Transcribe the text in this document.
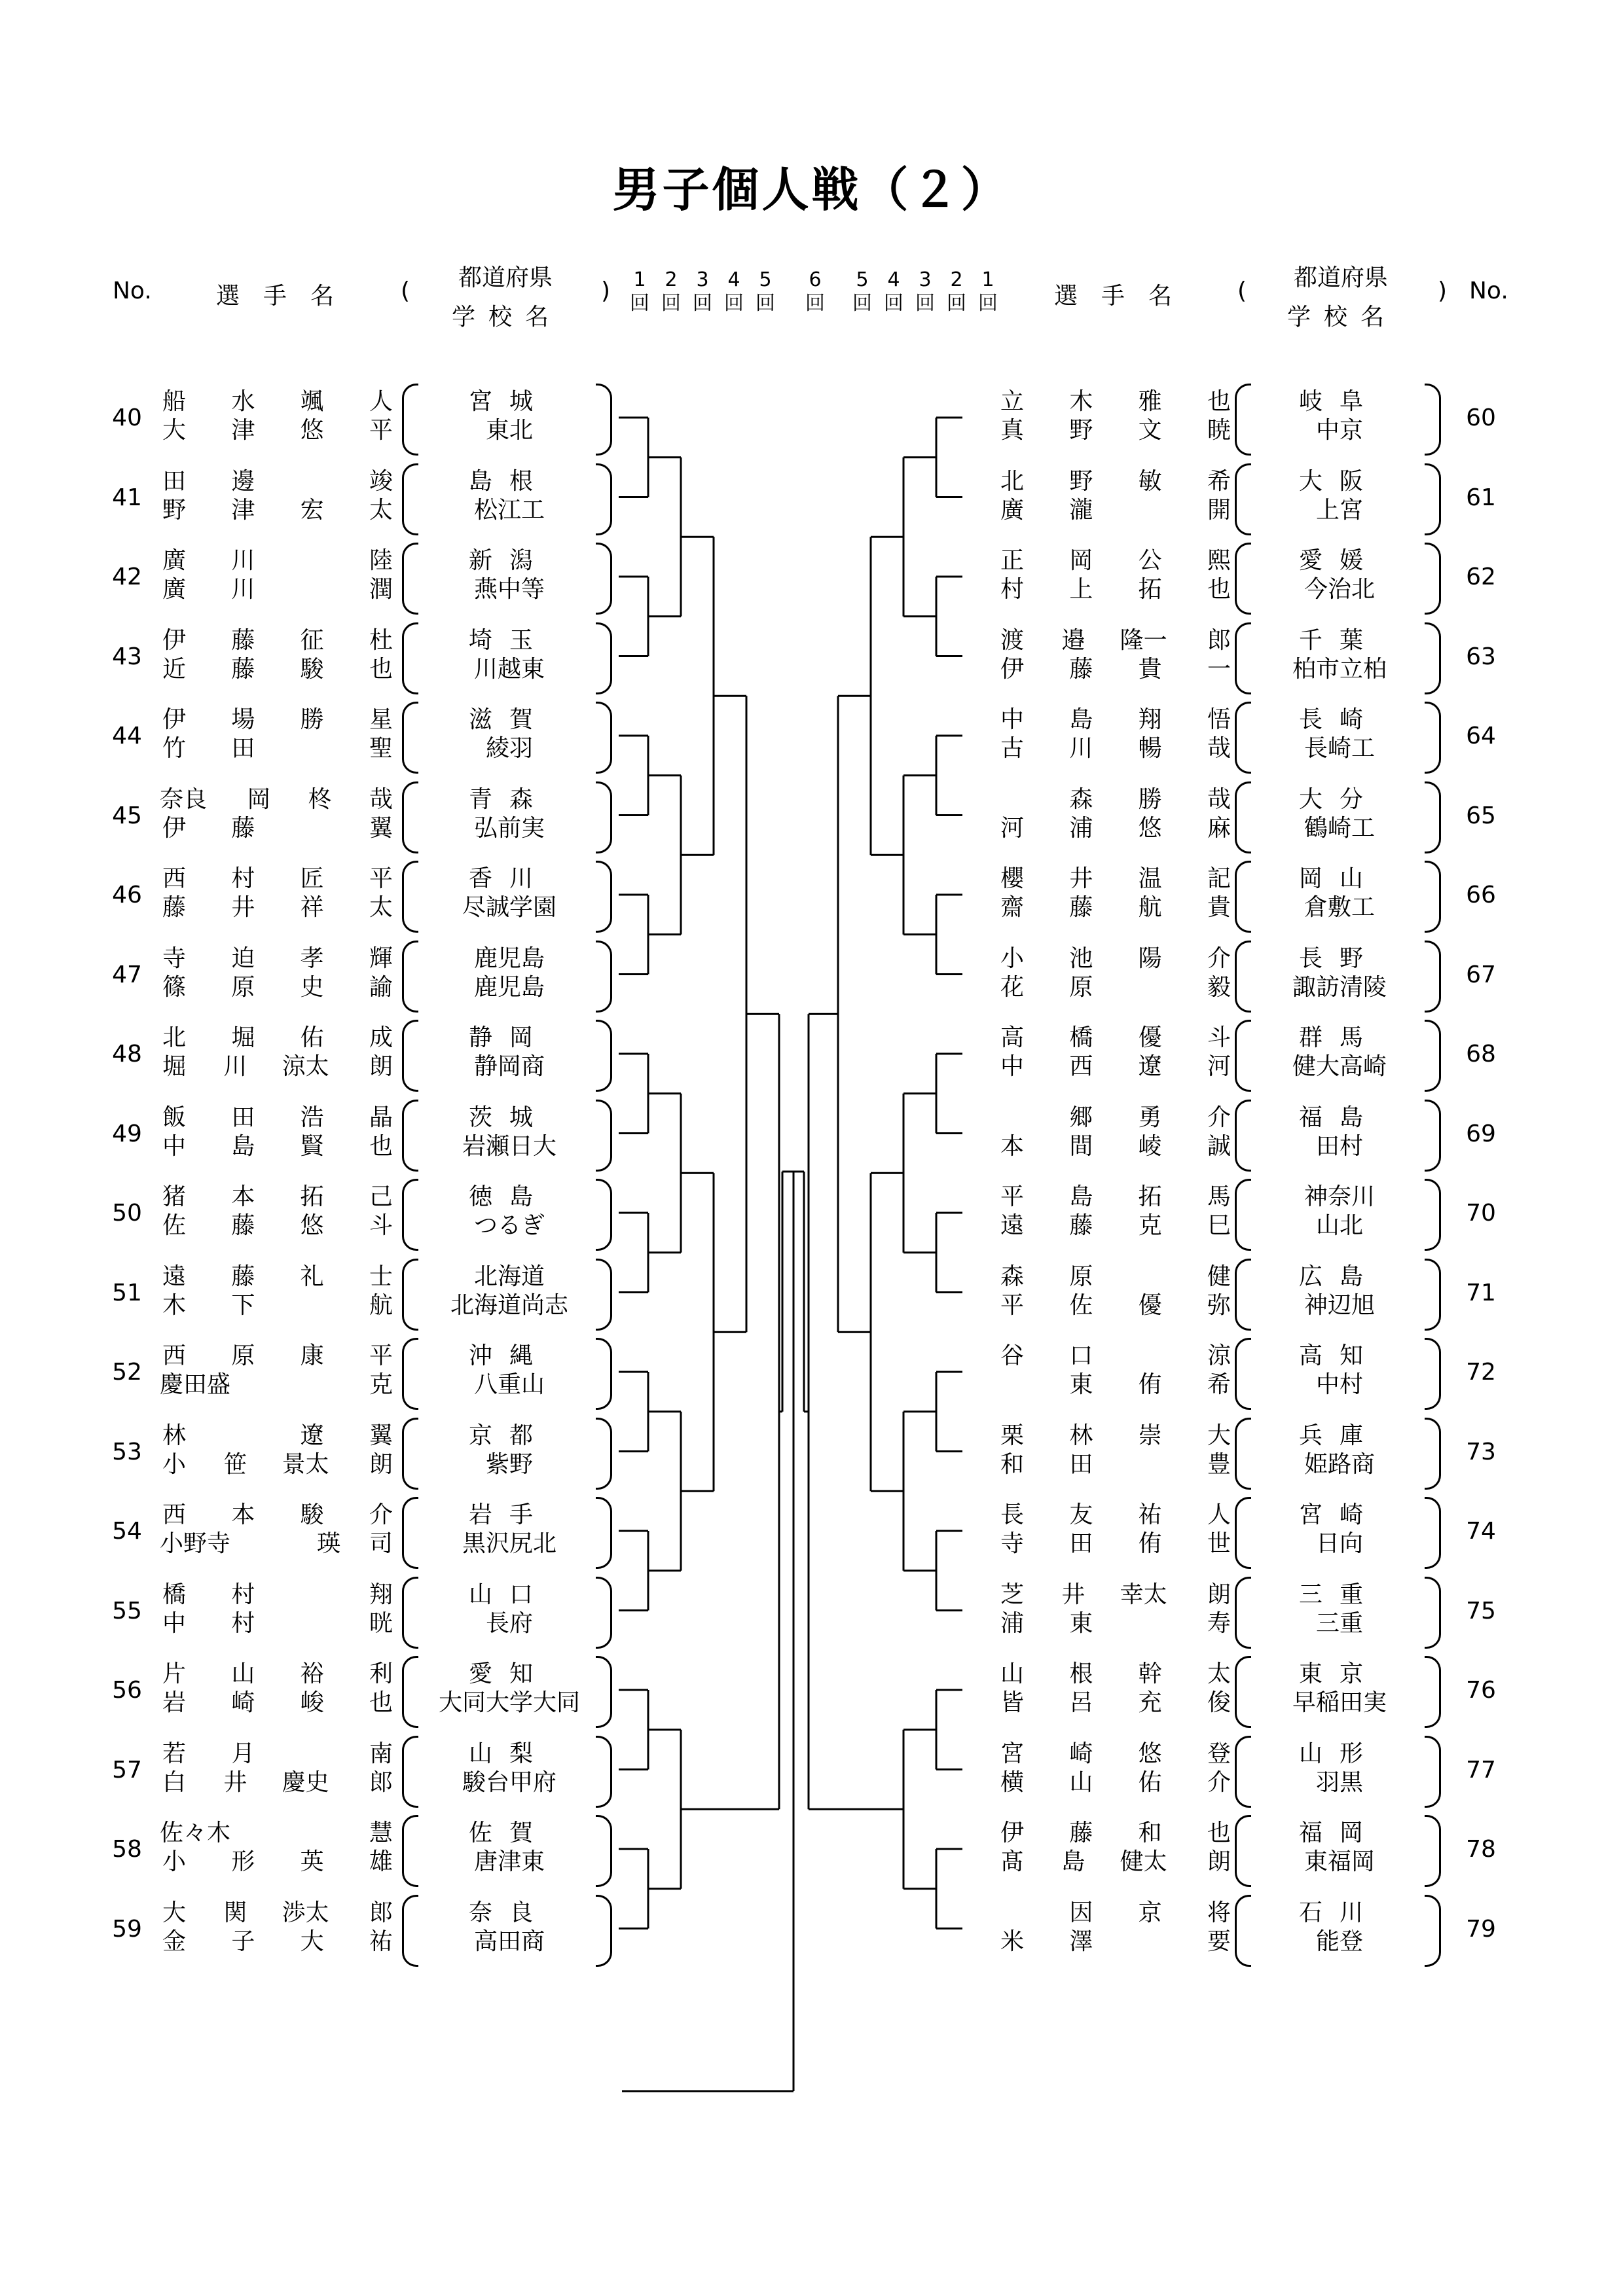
男子個人戦（２）
No.	選手名 ( 都道府県
学校名
) 1
回
2
回
3
回
4
回
5
回
6
回
5
回
4
回
3
回
2
回
1
回 選手名 ( 都道府県
学校名
) No.
40
船 水 颯 人
大 津 悠 平
宮城
東北
41
田 邊	竣
野 津 宏 太
島根
松江工
42
廣 川	陸
廣 川	潤
新潟
燕中等
43
伊 藤 征 杜
近 藤 駿 也
埼玉
川越東
44
伊 場 勝 星
竹 田	聖
滋賀
綾羽
45
奈良 岡 柊 哉
伊 藤	翼
青森
弘前実
46
西 村 匠 平
藤 井 祥 太
香川
尽誠学園
47
寺 迫 孝 輝
篠 原 史 諭
鹿児島
鹿児島
48
北 堀 佑 成
堀 川 涼太 朗
静岡
静岡商
49
飯 田 浩 晶
中 島 賢 也
茨城
岩瀬日大
50
猪 本 拓 己
佐 藤 悠 斗
徳島
つるぎ
51
遠 藤 礼 士
木 下	航
北海道
北海道尚志
52
西 原 康 平
慶田盛	克
沖縄
八重山
53
林	遼 翼
小 笹 景太 朗
京都
紫野
54
西 本 駿 介
小野寺	瑛 司
岩手
黒沢尻北
55
橋 村	翔
中 村	晄
山口
長府
56
片 山 裕 利
岩 崎 峻 也
愛知
大同大学大同
57
若 月	南
白 井 慶史 郎
山梨
駿台甲府
58
佐々木	慧
小 形 英 雄
佐賀
唐津東
59
大 関 渉太 郎
金 子 大 祐
奈良
高田商
60
立 木 雅 也
真 野 文 暁
岐阜
中京
61
北 野 敏 希
廣 瀧	開
大阪
上宮
62
正 岡 公 熙
村 上 拓 也
愛媛
今治北
63
渡 邉 隆一 郎
伊 藤 貴 一
千葉
柏市立柏
64
中 島 翔 悟
古 川 暢 哉
長崎
長崎工
65
森 勝 哉
河 浦 悠 麻
大分
鶴崎工
66
櫻 井 温 記
齋 藤 航 貴
岡山
倉敷工
67
小 池 陽 介
花 原	毅
長野
諏訪清陵
68
高 橋 優 斗
中 西 遼 河
群馬
健大高崎
69
郷 勇 介
本 間 崚 誠
福島
田村
70
平 島 拓 馬
遠 藤 克 巳
神奈川
山北
71
森 原	健
平 佐 優 弥
広島
神辺旭
72
谷 口	涼
東 侑 希
高知
中村
73
栗 林 崇 大
和 田	豊
兵庫
姫路商
74
長 友 祐 人
寺 田 侑 世
宮崎
日向
75
芝 井 幸太 朗
浦 東	寿
三重
三重
76
山 根 幹 太
皆 呂 充 俊
東京
早稲田実
77
宮 崎 悠 登
横 山 佑 介
山形
羽黒
78
伊 藤 和 也
髙 島 健太 朗
福岡
東福岡
79
因 京 将
米 澤	要
石川
能登
